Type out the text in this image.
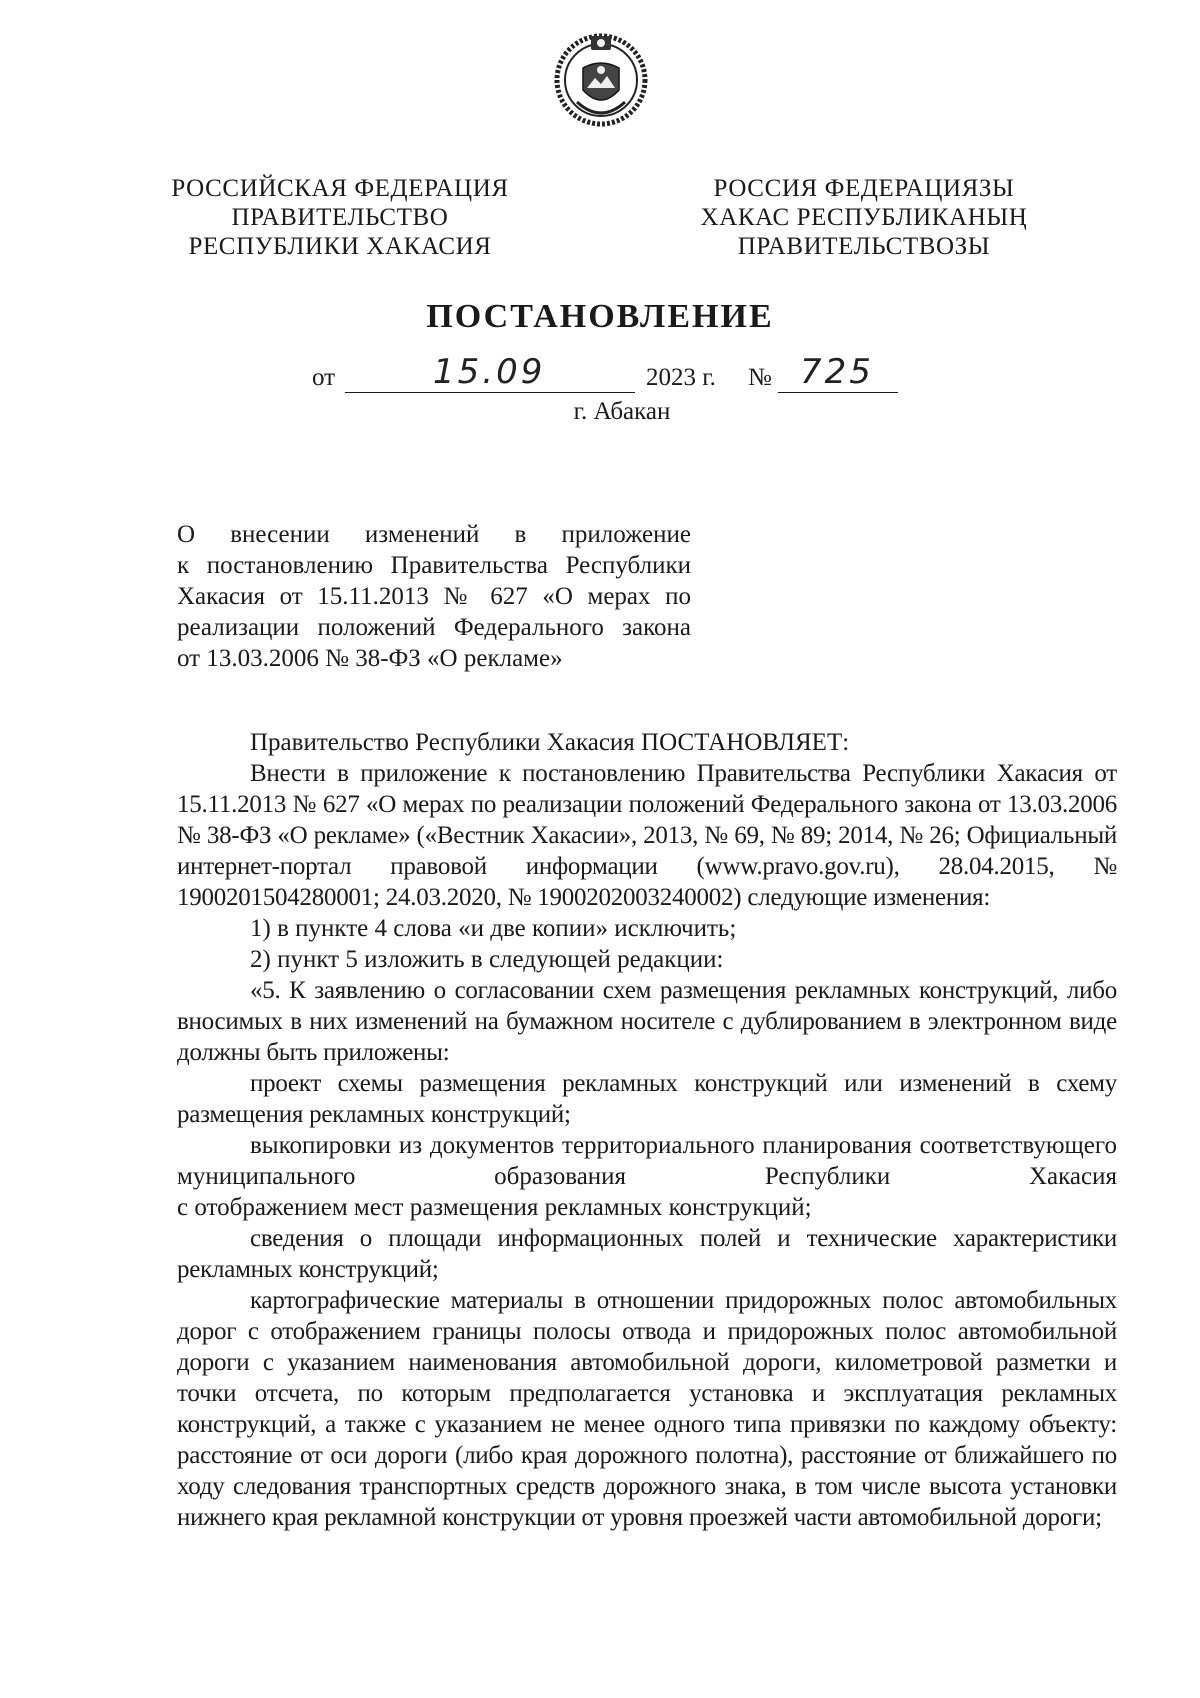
РОССИЙСКАЯ ФЕДЕРАЦИЯ
ПРАВИТЕЛЬСТВО
РЕСПУБЛИКИ ХАКАСИЯ
РОССИЯ ФЕДЕРАЦИЯЗЫ
ХАКАС РЕСПУБЛИКАНЫҢ
ПРАВИТЕЛЬСТВОЗЫ
ПОСТАНОВЛЕНИЕ
от	15.09	2023 г. № 725
г. Абакан
О внесении изменений в приложение
к постановлению Правительства Республики
Хакасия от 15.11.2013 № 627 «О мерах по
реализации положений Федерального закона
от 13.03.2006 № 38-ФЗ «О рекламе»

Правительство Республики Хакасия ПОСТАНОВЛЯЕТ:

Внести в приложение к постановлению Правительства Республики Хакасия от 15.11.2013 № 627 «О мерах по реализации положений Федерального закона от 13.03.2006 № 38-ФЗ «О рекламе» («Вестник Хакасии», 2013, № 69, № 89; 2014, № 26; Официальный интернет-портал правовой информации (www.pravo.gov.ru), 28.04.2015, № 1900201504280001; 24.03.2020, № 1900202003240002) следующие изменения:

1) в пункте 4 слова «и две копии» исключить;

2) пункт 5 изложить в следующей редакции:

«5. К заявлению о согласовании схем размещения рекламных конструкций, либо вносимых в них изменений на бумажном носителе с дублированием в электронном виде должны быть приложены:

проект схемы размещения рекламных конструкций или изменений в схему размещения рекламных конструкций;

выкопировки из документов территориального планирования соответствующего муниципального образования Республики Хакасия

с отображением мест размещения рекламных конструкций;

сведения о площади информационных полей и технические характеристики рекламных конструкций;

картографические материалы в отношении придорожных полос автомобильных дорог с отображением границы полосы отвода и придорожных полос автомобильной дороги с указанием наименования автомобильной дороги, километровой разметки и точки отсчета, по которым предполагается установка и эксплуатация рекламных конструкций, а также с указанием не менее одного типа привязки по каждому объекту: расстояние от оси дороги (либо края дорожного полотна), расстояние от ближайшего по ходу следования транспортных средств дорожного знака, в том числе высота установки нижнего края рекламной конструкции от уровня проезжей части автомобильной дороги;
